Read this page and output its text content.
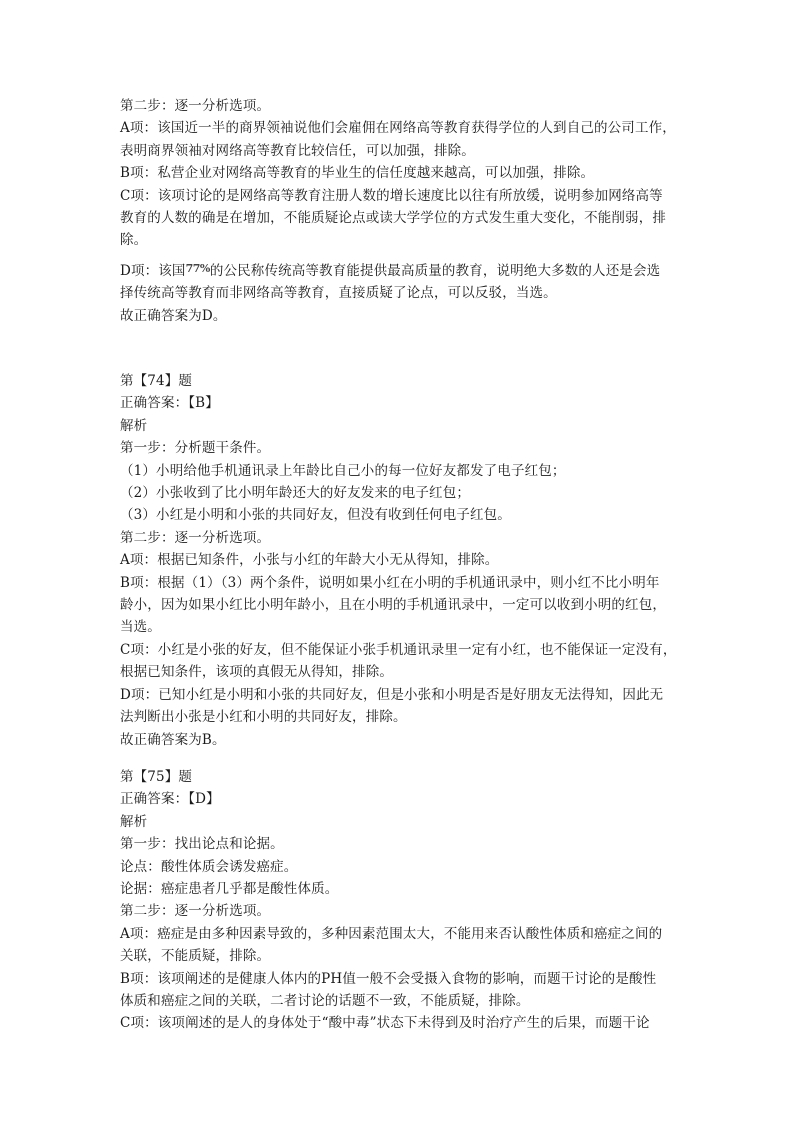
第二步：逐一分析选项。
A项：该国近一半的商界领袖说他们会雇佣在网络高等教育获得学位的人到自己的公司工作，
表明商界领袖对网络高等教育比较信任，可以加强，排除。
B项：私营企业对网络高等教育的毕业生的信任度越来越高，可以加强，排除。
C项：该项讨论的是网络高等教育注册人数的增长速度比以往有所放缓，说明参加网络高等
教育的人数的确是在增加，不能质疑论点或读大学学位的方式发生重大变化，不能削弱，排
除。
D项：该国$^{77\%}$的公民称传统高等教育能提供最高质量的教育，说明绝大多数的人还是会选
择传统高等教育而非网络高等教育，直接质疑了论点，可以反驳，当选。
故正确答案为D。
第【74】题
正确答案：【B】
解析
第一步：分析题干条件。
（1）小明给他手机通讯录上年龄比自己小的每一位好友都发了电子红包；
（2）小张收到了比小明年龄还大的好友发来的电子红包；
（3）小红是小明和小张的共同好友，但没有收到任何电子红包。
第二步：逐一分析选项。
A项：根据已知条件，小张与小红的年龄大小无从得知，排除。
B项：根据（1）（3）两个条件，说明如果小红在小明的手机通讯录中，则小红不比小明年
龄小，因为如果小红比小明年龄小，且在小明的手机通讯录中，一定可以收到小明的红包，
当选。
C项：小红是小张的好友，但不能保证小张手机通讯录里一定有小红，也不能保证一定没有，
根据已知条件，该项的真假无从得知，排除。
D项：已知小红是小明和小张的共同好友，但是小张和小明是否是好朋友无法得知，因此无
法判断出小张是小红和小明的共同好友，排除。
故正确答案为B。
第【75】题
正确答案：【D】
解析
第一步：找出论点和论据。
论点：酸性体质会诱发癌症。
论据：癌症患者几乎都是酸性体质。
第二步：逐一分析选项。
A项：癌症是由多种因素导致的，多种因素范围太大，不能用来否认酸性体质和癌症之间的
关联，不能质疑，排除。
B项：该项阐述的是健康人体内的PH值一般不会受摄入食物的影响，而题干讨论的是酸性
体质和癌症之间的关联，二者讨论的话题不一致，不能质疑，排除。
C项：该项阐述的是人的身体处于“酸中毒”状态下未得到及时治疗产生的后果，而题干论
